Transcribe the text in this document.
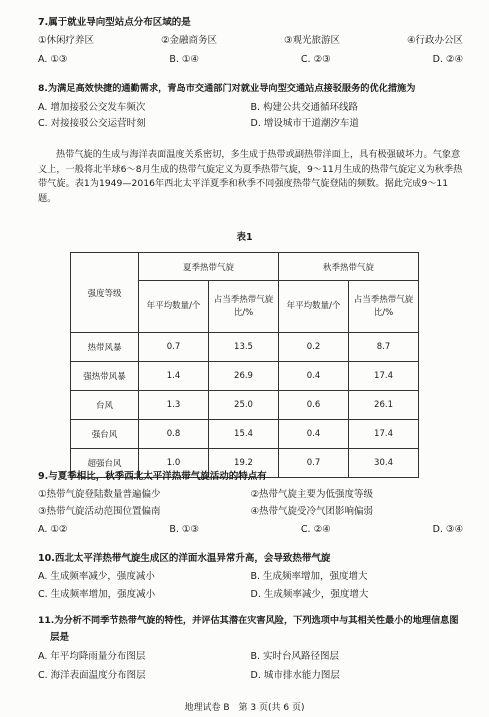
7.属于就业导向型站点分布区域的是
①休闲疗养区	②金融商务区	③观光旅游区	④行政办公区
A. ①③	B. ①④	C. ②③	D. ②④
8.为满足高效快捷的通勤需求，青岛市交通部门对就业导向型交通站点接驳服务的优化措施为
A. 增加接驳公交发车频次	B. 构建公共交通循环线路
C. 对接接驳公交运营时刻	D. 增设城市干道潮汐车道
热带气旋的生成与海洋表面温度关系密切，多生成于热带或副热带洋面上，具有极强破坏力。气象意义上，一般将北半球6～8月生成的热带气旋定义为夏季热带气旋，9～11月生成的热带气旋定义为秋季热带气旋。表1为1949—2016年西北太平洋夏季和秋季不同强度热带气旋登陆的频数。据此完成9～11题。
表1
强度等级	夏季热带气旋		秋季热带气旋	
	年平均数量/个	占当季热带气旋比/%	年平均数量/个	占当季热带气旋比/%
热带风暴	0.7	13.5	0.2	8.7
强热带风暴	1.4	26.9	0.4	17.4
台风	1.3	25.0	0.6	26.1
强台风	0.8	15.4	0.4	17.4
超强台风	1.0	19.2	0.7	30.4
9.与夏季相比，秋季西北太平洋热带气旋活动的特点有
①热带气旋登陆数量普遍偏少	②热带气旋主要为低强度等级
③热带气旋活动范围位置偏南	④热带气旋受冷气团影响偏弱
A. ①②	B. ①③	C. ②④	D. ③④
10.西北太平洋热带气旋生成区的洋面水温异常升高，会导致热带气旋
A. 生成频率减少，强度减小	B. 生成频率增加，强度增大
C. 生成频率增加，强度减小	D. 生成频率减少，强度增大
11.为分析不同季节热带气旋的特性，并评估其潜在灾害风险，下列选项中与其相关性最小的地理信息图
层是
A. 年平均降雨量分布图层	B. 实时台风路径图层
C. 海洋表面温度分布图层	D. 城市排水能力图层
地理试卷 B　第 3 页(共 6 页)
